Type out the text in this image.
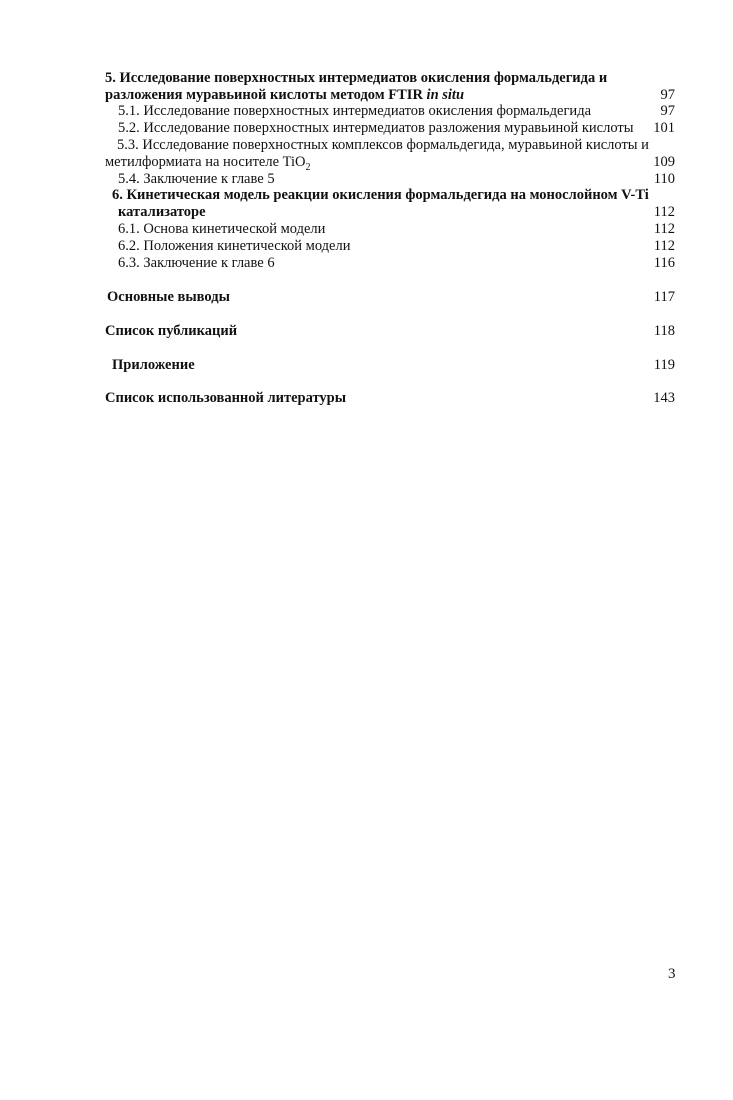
5. Исследование поверхностных интермедиатов окисления формальдегида и
разложения муравьиной кислоты методом FTIR in situ	97
5.1. Исследование поверхностных интермедиатов окисления формальдегида	97
5.2. Исследование поверхностных интермедиатов разложения муравьиной кислоты 101
5.3. Исследование поверхностных комплексов формальдегида, муравьиной кислоты и
метилформиата на носителе TiO$_2$	109
5.4. Заключение к главе 5	110
6. Кинетическая модель реакции окисления формальдегида на монослойном V-Ti
катализаторе	112
6.1. Основа кинетической модели	112
6.2. Положения кинетической модели	112
6.3. Заключение к главе 6	116
Основные выводы	117
Список публикаций	118
Приложение	119
Список использованной литературы	143
3
